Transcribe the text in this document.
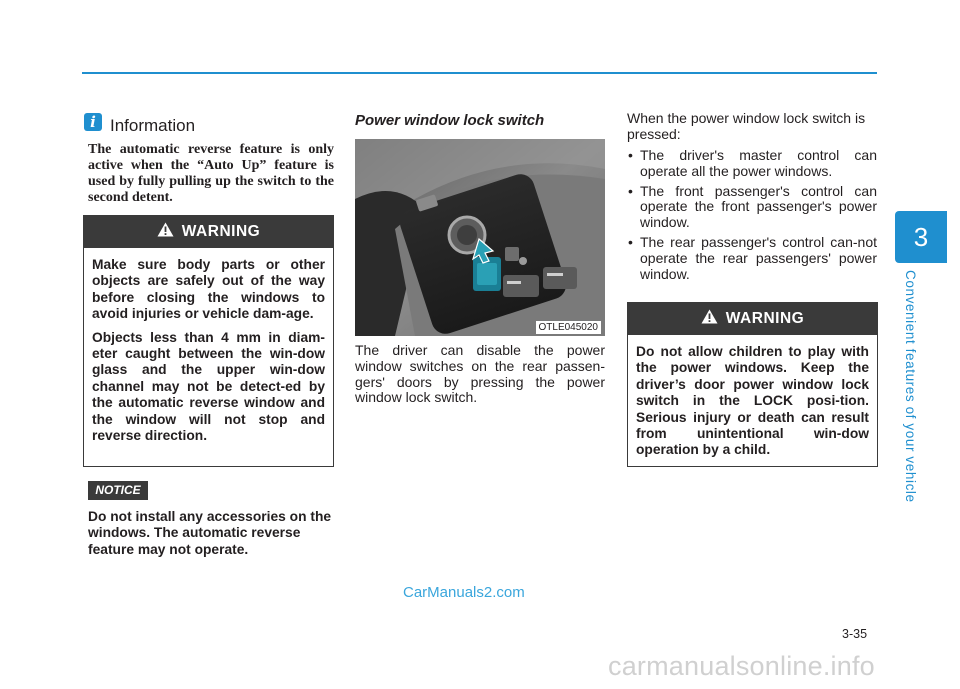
3
Convenient features of your vehicle
i Information
The automatic reverse feature is only active when the “Auto Up” feature is used by fully pulling up the switch to the second detent.
WARNING

Make sure body parts or other objects are safely out of the way before closing the windows to avoid injuries or vehicle dam-age.

Objects less than 4 mm in diam-eter caught between the win-dow glass and the upper win-dow channel may not be detect-ed by the automatic reverse window and the window will not stop and reverse direction.

NOTICE
Do not install any accessories on the windows. The automatic reverse feature may not operate.
Power window lock switch
OTLE045020
The driver can disable the power window switches on the rear passen-gers' doors by pressing the power window lock switch.
When the power window lock switch is pressed:
• The driver's master control can operate all the power windows.
• The front passenger's control can operate the front passenger's power window.
• The rear passenger's control can-not operate the rear passengers' power window.
WARNING

Do not allow children to play with the power windows. Keep the driver’s door power window lock switch in the LOCK posi-tion. Serious injury or death can result from unintentional win-dow operation by a child.

CarManuals2.com
3-35
carmanualsonline.info
